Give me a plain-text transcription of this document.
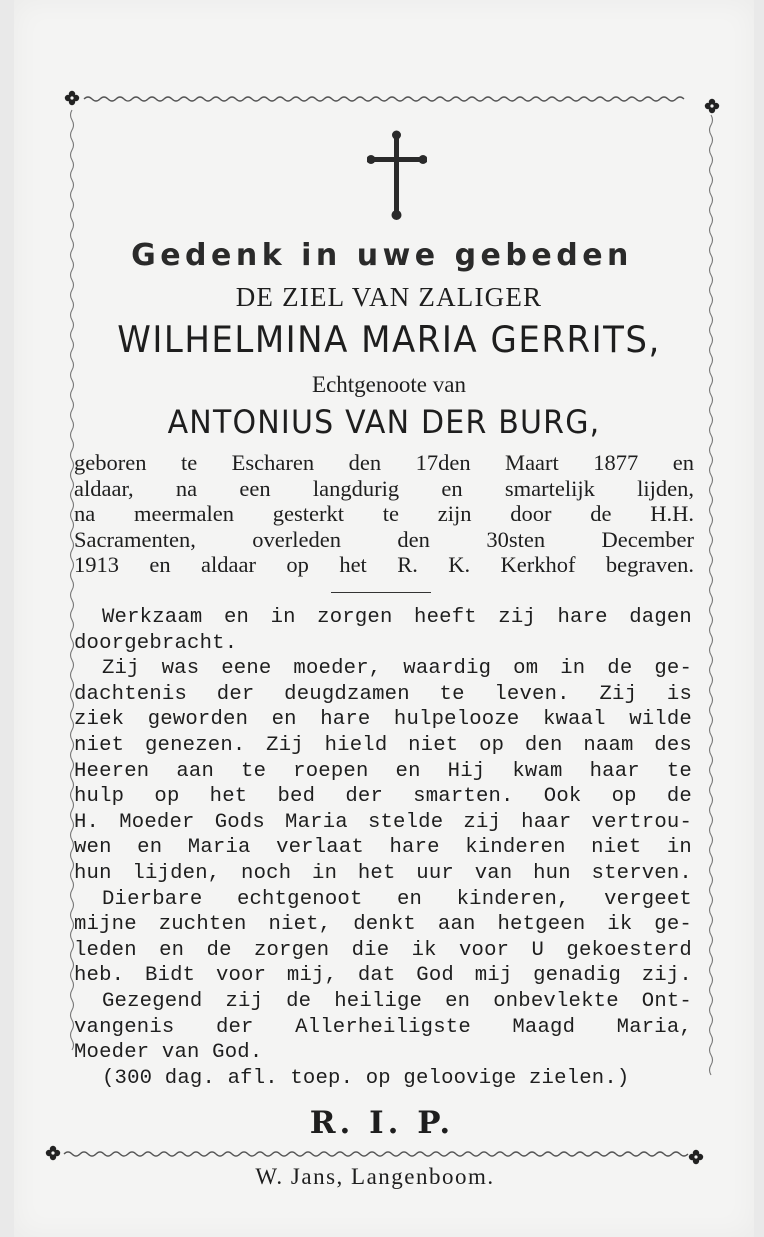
Gedenk in uwe gebeden
DE ZIEL VAN ZALIGER
WILHELMINA MARIA GERRITS,
Echtgenoote van
ANTONIUS VAN DER BURG,
geboren te Escharen den 17den Maart 1877 en
aldaar, na een langdurig en smartelijk lijden,
na meermalen gesterkt te zijn door de H.H.
Sacramenten, overleden den 30sten December
1913 en aldaar op het R. K. Kerkhof begraven.
Werkzaam en in zorgen heeft zij hare dagen
doorgebracht.
Zij was eene moeder, waardig om in de ge-
dachtenis der deugdzamen te leven. Zij is
ziek geworden en hare hulpelooze kwaal wilde
niet genezen. Zij hield niet op den naam des
Heeren aan te roepen en Hij kwam haar te
hulp op het bed der smarten. Ook op de
H. Moeder Gods Maria stelde zij haar vertrou-
wen en Maria verlaat hare kinderen niet in
hun lijden, noch in het uur van hun sterven.
Dierbare echtgenoot en kinderen, vergeet
mijne zuchten niet, denkt aan hetgeen ik ge-
leden en de zorgen die ik voor U gekoesterd
heb. Bidt voor mij, dat God mij genadig zij.
Gezegend zij de heilige en onbevlekte Ont-
vangenis der Allerheiligste Maagd Maria,
Moeder van God.
(300 dag. afl. toep. op geloovige zielen.)
R. I. P.
W. Jans, Langenboom.
